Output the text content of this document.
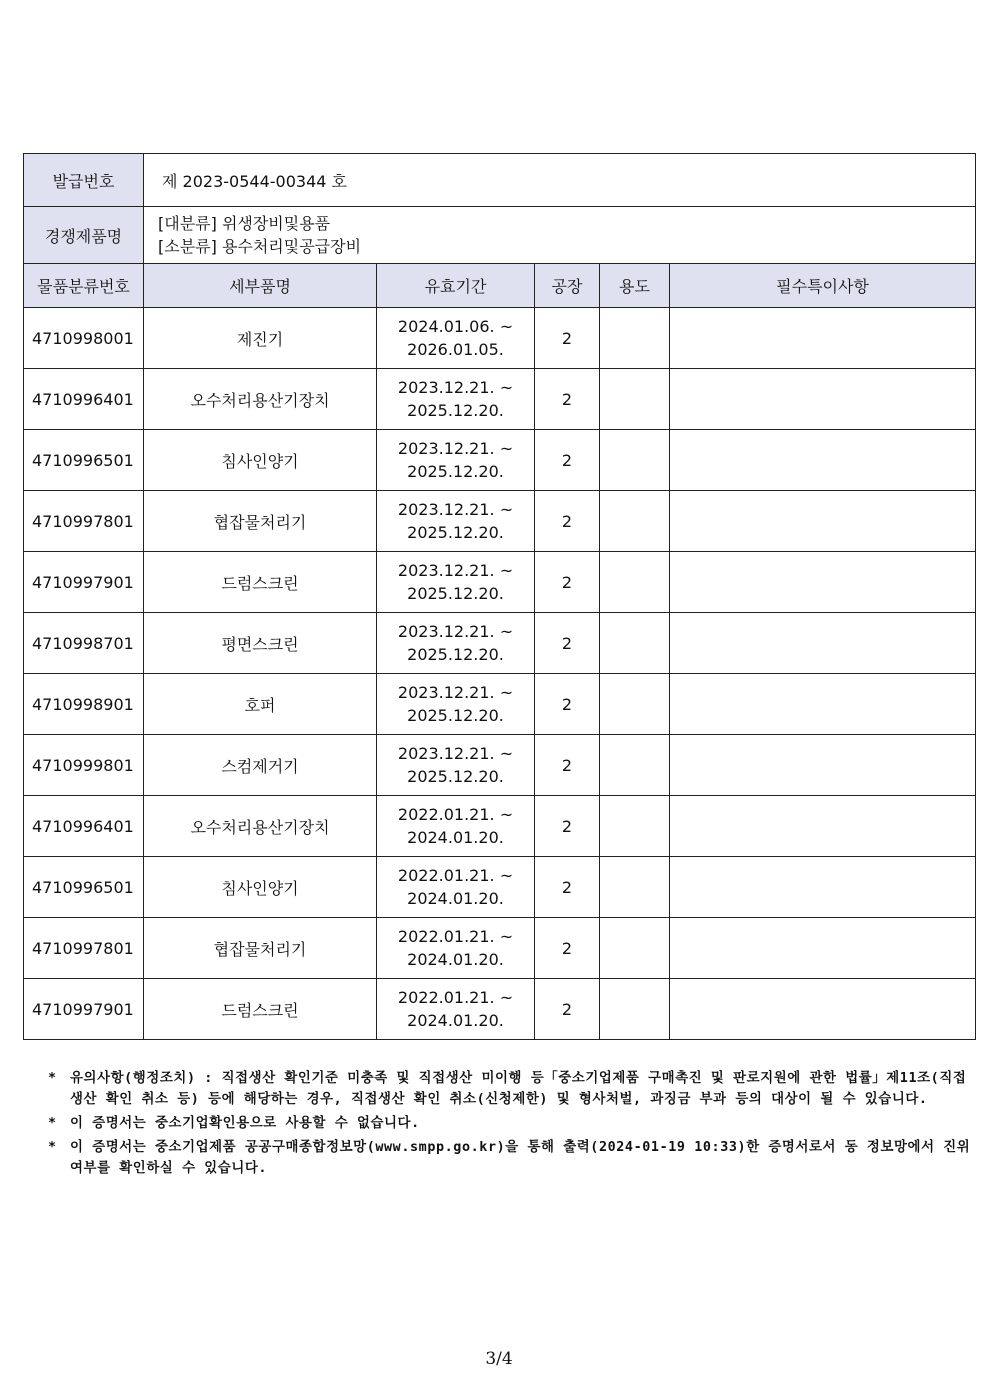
발급번호	제 2023-0544-00344 호				
경쟁제품명	[대분류] 위생장비및용품
[소분류] 용수처리및공급장비				

물품분류번호	세부품명	유효기간	공장	용도	필수특이사항
4710998001	제진기	2024.01.06. ~
2026.01.05.	2		
4710996401	오수처리용산기장치	2023.12.21. ~
2025.12.20.	2		
4710996501	침사인양기	2023.12.21. ~
2025.12.20.	2		
4710997801	협잡물처리기	2023.12.21. ~
2025.12.20.	2		
4710997901	드럼스크린	2023.12.21. ~
2025.12.20.	2		
4710998701	평면스크린	2023.12.21. ~
2025.12.20.	2		
4710998901	호퍼	2023.12.21. ~
2025.12.20.	2		
4710999801	스컴제거기	2023.12.21. ~
2025.12.20.	2		
4710996401	오수처리용산기장치	2022.01.21. ~
2024.01.20.	2		
4710996501	침사인양기	2022.01.21. ~
2024.01.20.	2		
4710997801	협잡물처리기	2022.01.21. ~
2024.01.20.	2		
4710997901	드럼스크린	2022.01.21. ~
2024.01.20.	2		
* 유의사항(행정조치) : 직접생산 확인기준 미충족 및 직접생산 미이행 등「중소기업제품 구매촉진 및 판로지원에 관한 법률」제11조(직접생산 확인 취소 등) 등에 해당하는 경우, 직접생산 확인 취소(신청제한) 및 형사처벌, 과징금 부과 등의 대상이 될 수 있습니다.
* 이 증명서는 중소기업확인용으로 사용할 수 없습니다.
* 이 증명서는 중소기업제품 공공구매종합정보망(www.smpp.go.kr)을 통해 출력(2024-01-19 10:33)한 증명서로서 동 정보망에서 진위여부를 확인하실 수 있습니다.
3/4
